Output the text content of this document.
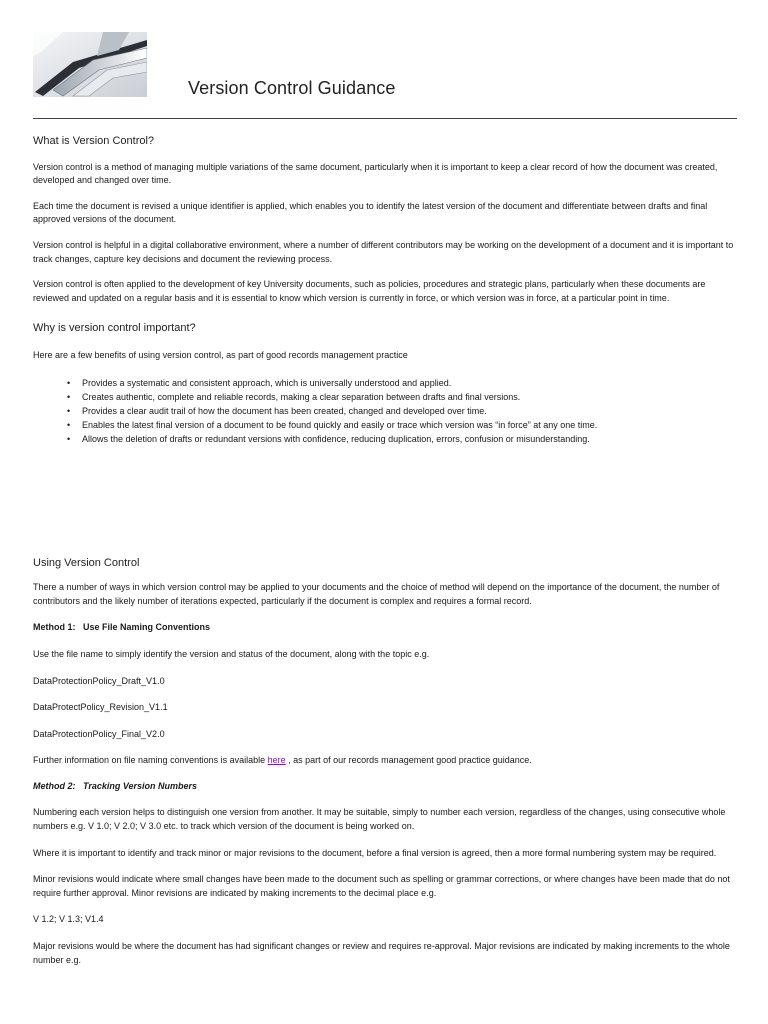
Version Control Guidance

What is Version Control?

Version control is a method of managing multiple variations of the same document, particularly when it is important to keep a clear record of how the document was created, developed and changed over time.

Each time the document is revised a unique identifier is applied, which enables you to identify the latest version of the document and differentiate between drafts and final approved versions of the document.

Version control is helpful in a digital collaborative environment, where a number of different contributors may be working on the development of a document and it is important to track changes, capture key decisions and document the reviewing process.

Version control is often applied to the development of key University documents, such as policies, procedures and strategic plans, particularly when these documents are reviewed and updated on a regular basis and it is essential to know which version is currently in force, or which version was in force, at a particular point in time.

Why is version control important?

Here are a few benefits of using version control, as part of good records management practice

• Provides a systematic and consistent approach, which is universally understood and applied.
• Creates authentic, complete and reliable records, making a clear separation between drafts and final versions.
• Provides a clear audit trail of how the document has been created, changed and developed over time.
• Enables the latest final version of a document to be found quickly and easily or trace which version was “in force” at any one time.
• Allows the deletion of drafts or redundant versions with confidence, reducing duplication, errors, confusion or misunderstanding.

Using Version Control

There a number of ways in which version control may be applied to your documents and the choice of method will depend on the importance of the document, the number of contributors and the likely number of iterations expected, particularly if the document is complex and requires a formal record.

Method 1:   Use File Naming Conventions

Use the file name to simply identify the version and status of the document, along with the topic e.g.

DataProtectionPolicy_Draft_V1.0

DataProtectPolicy_Revision_V1.1

DataProtectionPolicy_Final_V2.0

Further information on file naming conventions is available here , as part of our records management good practice guidance.

Method 2:   Tracking Version Numbers

Numbering each version helps to distinguish one version from another. It may be suitable, simply to number each version, regardless of the changes, using consecutive whole numbers e.g. V 1.0; V 2.0; V 3.0 etc. to track which version of the document is being worked on.

Where it is important to identify and track minor or major revisions to the document, before a final version is agreed, then a more formal numbering system may be required.

Minor revisions would indicate where small changes have been made to the document such as spelling or grammar corrections, or where changes have been made that do not require further approval. Minor revisions are indicated by making increments to the decimal place e.g.

V 1.2; V 1.3; V1.4

Major revisions would be where the document has had significant changes or review and requires re-approval. Major revisions are indicated by making increments to the whole number e.g.
